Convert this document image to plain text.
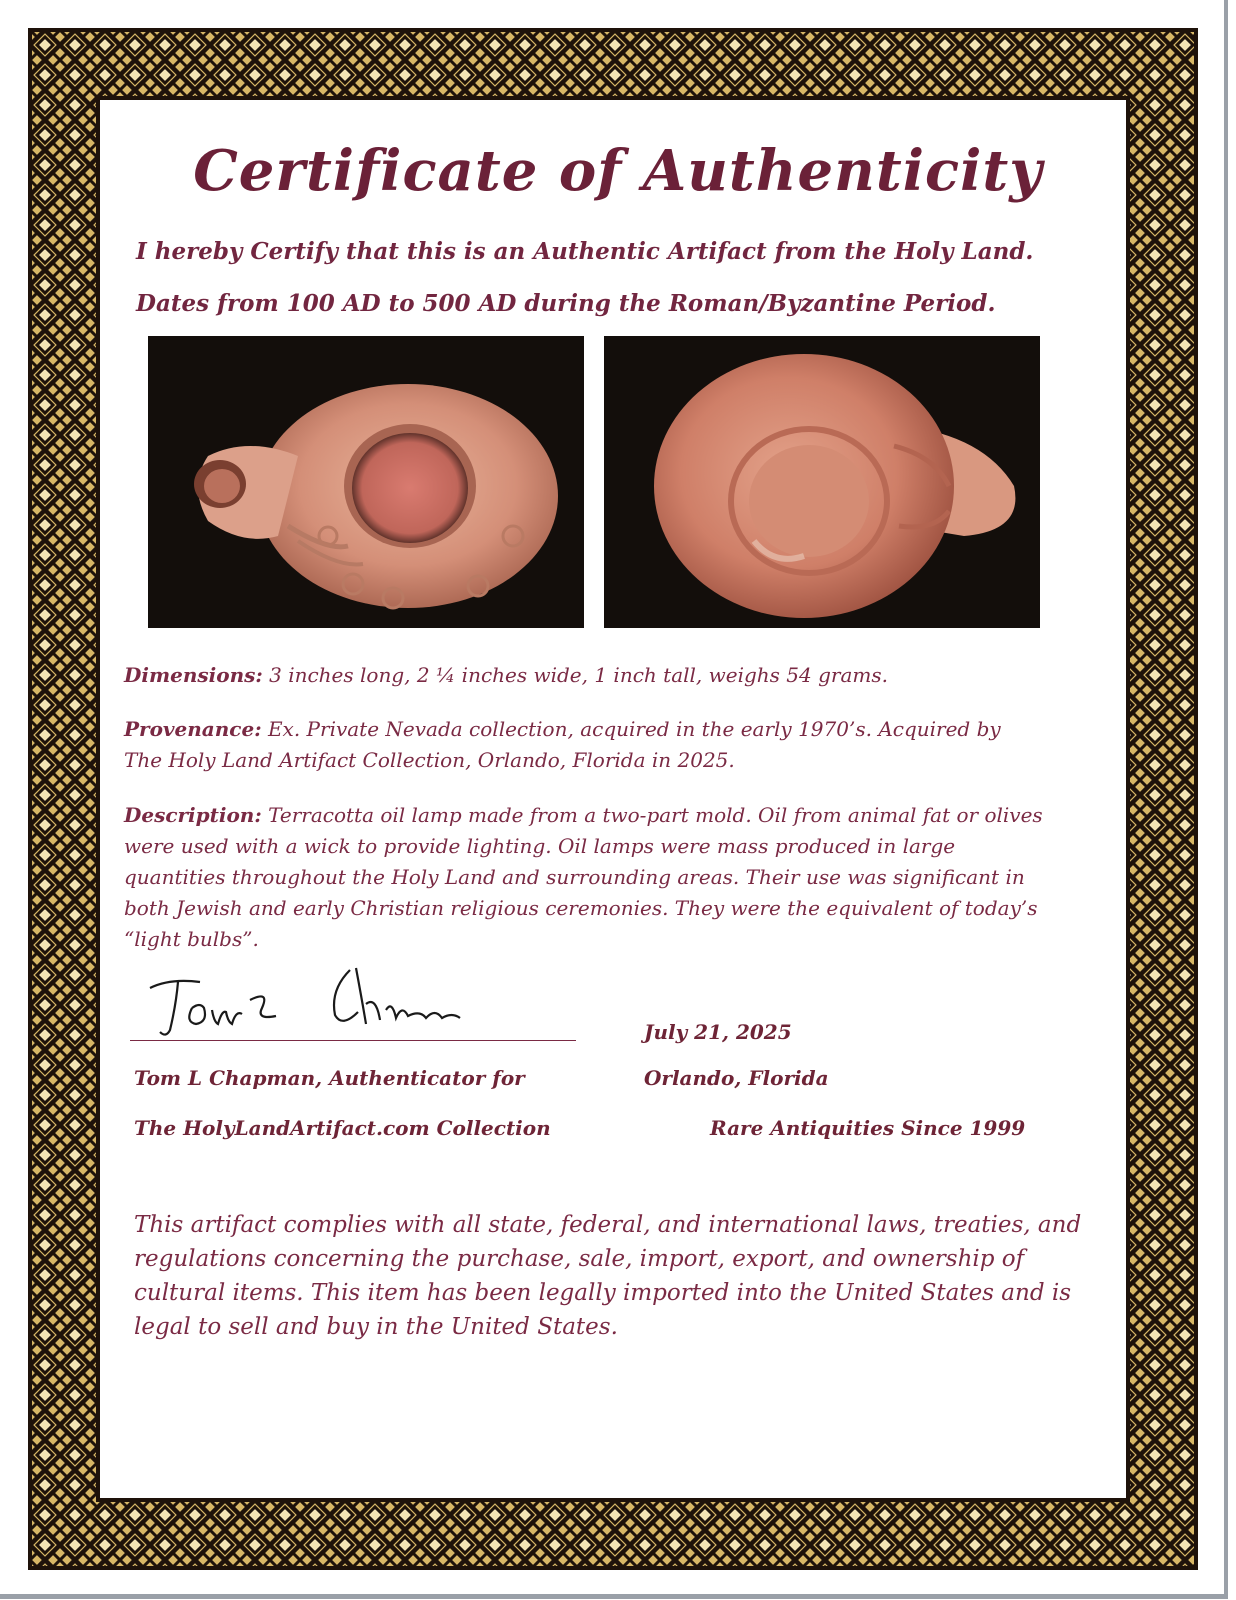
Certificate of Authenticity
I hereby Certify that this is an Authentic Artifact from the Holy Land.
Dates from 100 AD to 500 AD during the Roman/Byzantine Period.
Dimensions: 3 inches long, 2 ¼ inches wide, 1 inch tall, weighs 54 grams.
Provenance: Ex. Private Nevada collection, acquired in the early 1970’s. Acquired by The Holy Land Artifact Collection, Orlando, Florida in 2025.
Description: Terracotta oil lamp made from a two-part mold. Oil from animal fat or olives were used with a wick to provide lighting. Oil lamps were mass produced in large quantities throughout the Holy Land and surrounding areas. Their use was significant in both Jewish and early Christian religious ceremonies. They were the equivalent of today’s “light bulbs”.
Tom L Chapman, Authenticator for
The HolyLandArtifact.com Collection
July 21, 2025
Orlando, Florida
Rare Antiquities Since 1999
This artifact complies with all state, federal, and international laws, treaties, and regulations concerning the purchase, sale, import, export, and ownership of cultural items. This item has been legally imported into the United States and is legal to sell and buy in the United States.
